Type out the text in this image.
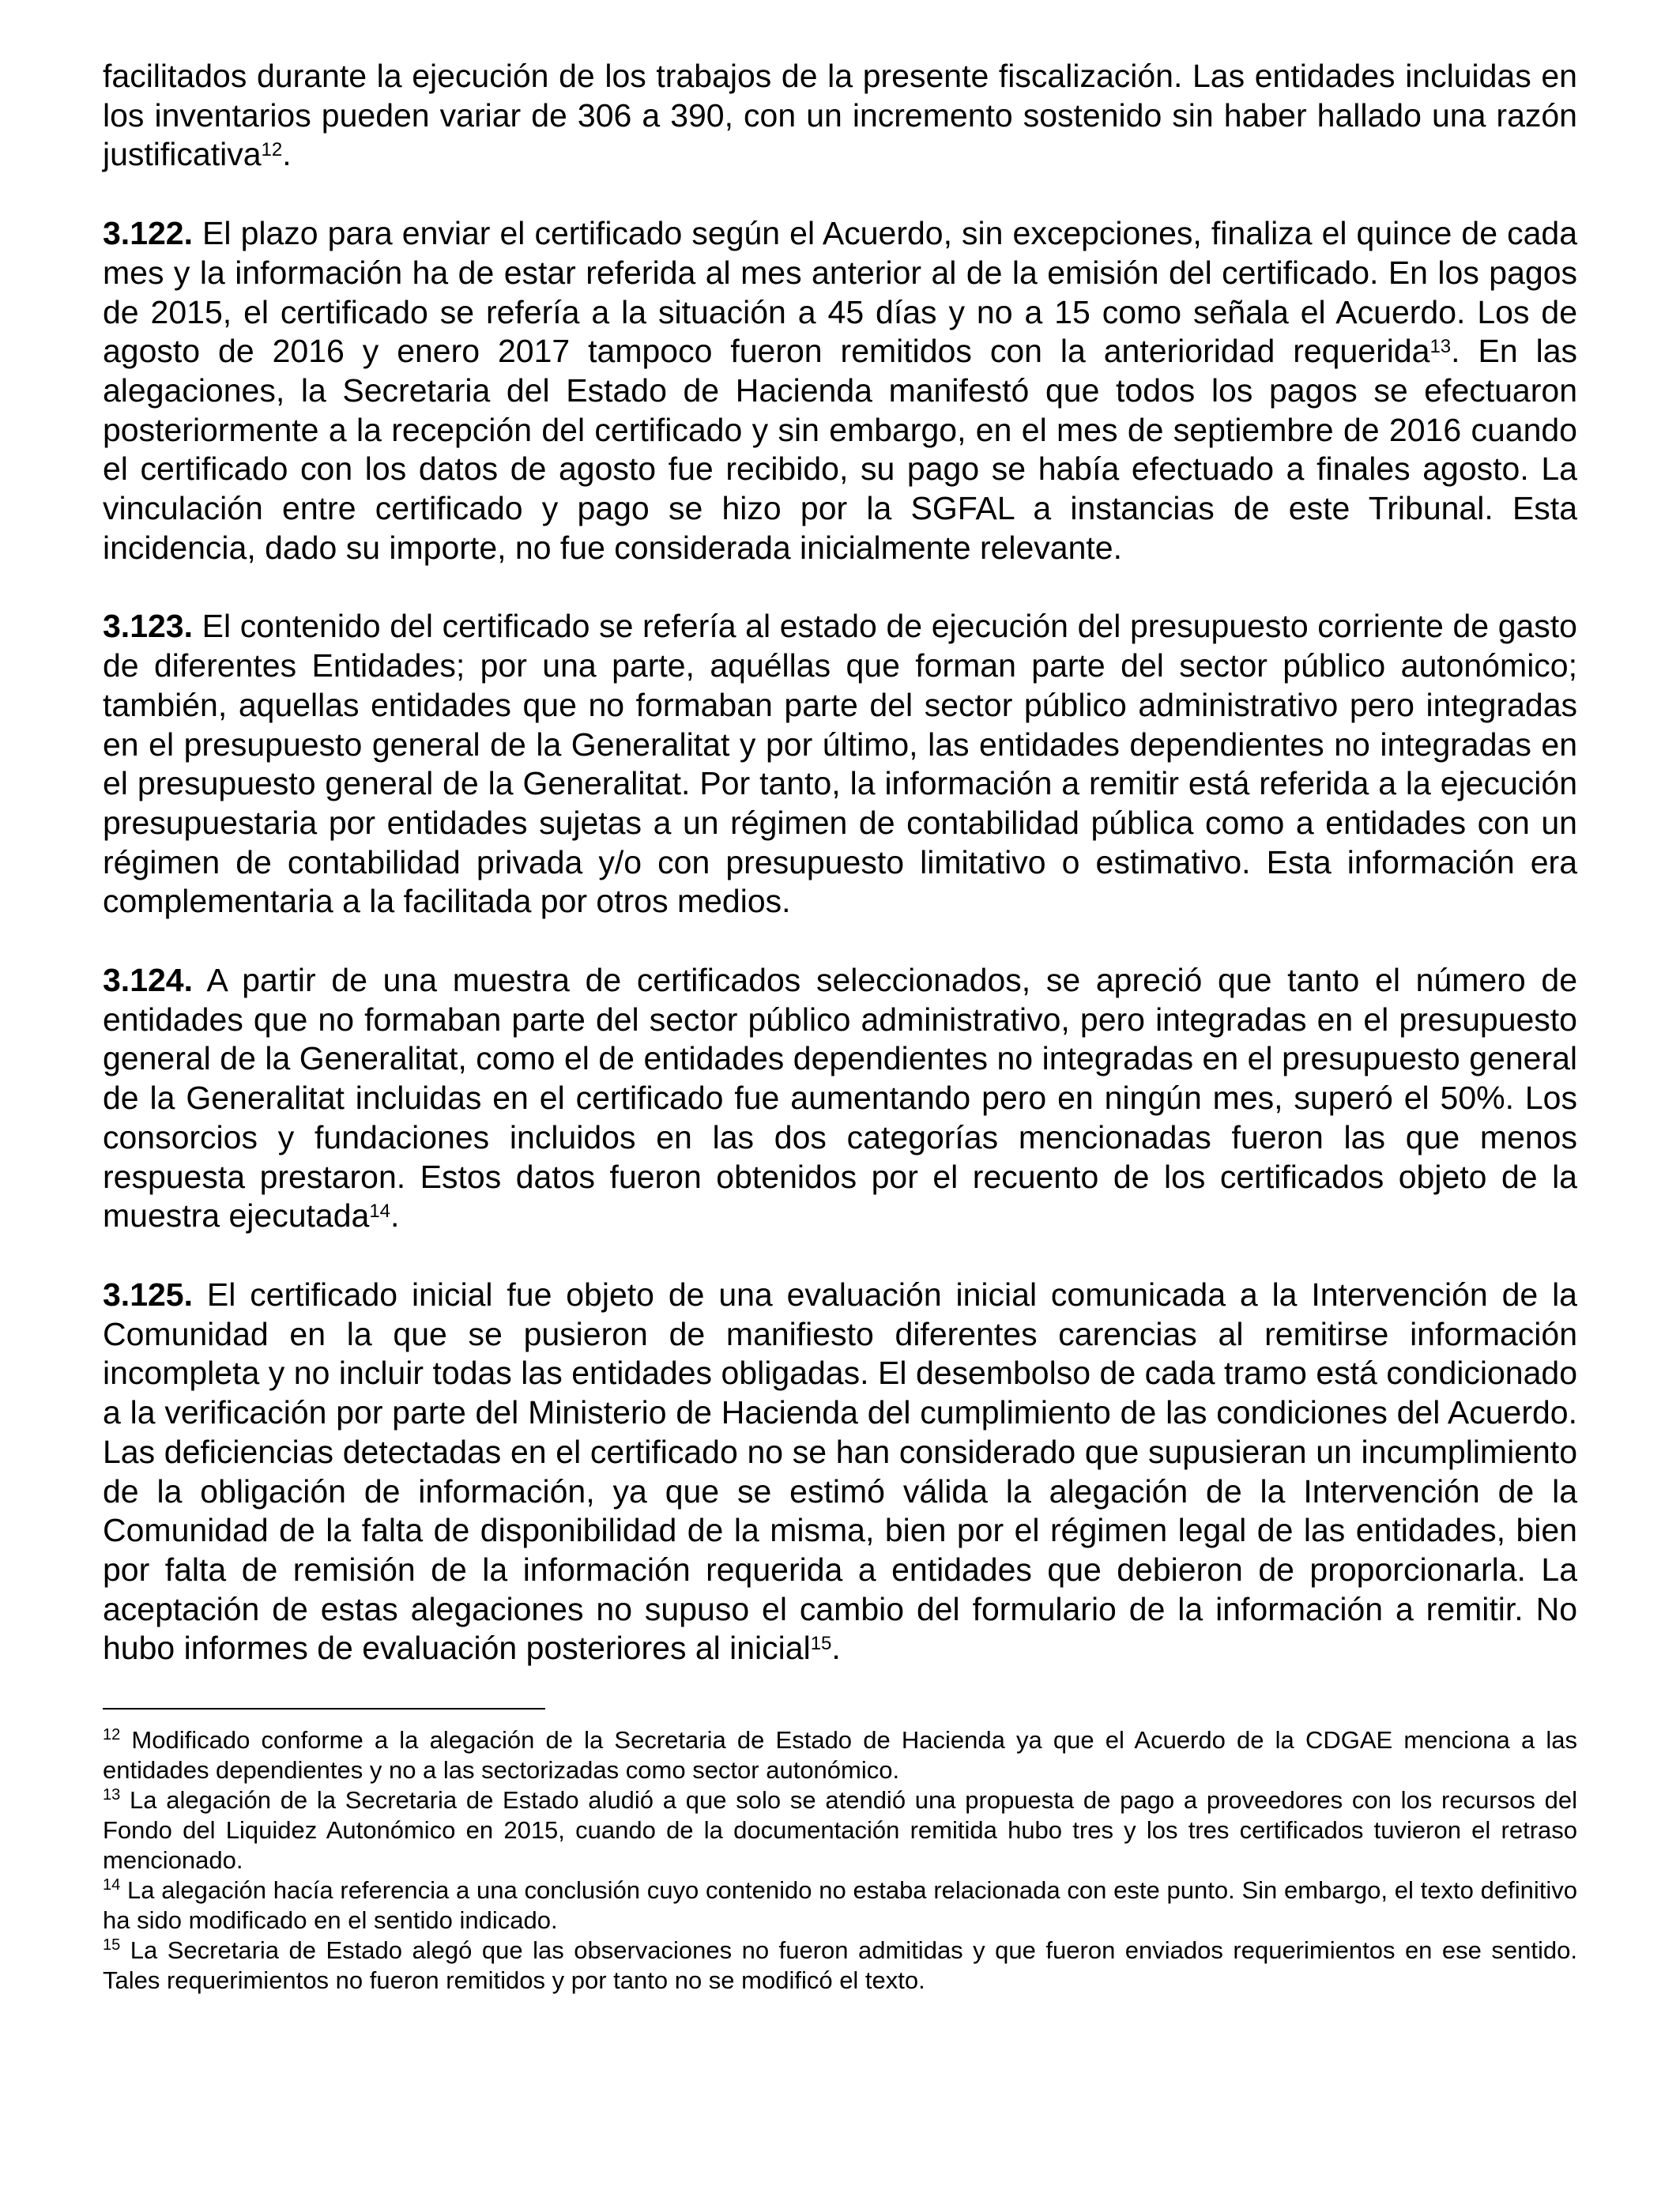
facilitados durante la ejecución de los trabajos de la presente fiscalización. Las entidades incluidas en los inventarios pueden variar de 306 a 390, con un incremento sostenido sin haber hallado una razón justificativa$^{12}$.

3.122. El plazo para enviar el certificado según el Acuerdo, sin excepciones, finaliza el quince de cada mes y la información ha de estar referida al mes anterior al de la emisión del certificado. En los pagos de 2015, el certificado se refería a la situación a 45 días y no a 15 como señala el Acuerdo. Los de agosto de 2016 y enero 2017 tampoco fueron remitidos con la anterioridad requerida$^{13}$. En las alegaciones, la Secretaria del Estado de Hacienda manifestó que todos los pagos se efectuaron posteriormente a la recepción del certificado y sin embargo, en el mes de septiembre de 2016 cuando el certificado con los datos de agosto fue recibido, su pago se había efectuado a finales agosto. La vinculación entre certificado y pago se hizo por la SGFAL a instancias de este Tribunal. Esta incidencia, dado su importe, no fue considerada inicialmente relevante.

3.123. El contenido del certificado se refería al estado de ejecución del presupuesto corriente de gasto de diferentes Entidades; por una parte, aquéllas que forman parte del sector público autonómico; también, aquellas entidades que no formaban parte del sector público administrativo pero integradas en el presupuesto general de la Generalitat y por último, las entidades dependientes no integradas en el presupuesto general de la Generalitat. Por tanto, la información a remitir está referida a la ejecución presupuestaria por entidades sujetas a un régimen de contabilidad pública como a entidades con un régimen de contabilidad privada y/o con presupuesto limitativo o estimativo. Esta información era complementaria a la facilitada por otros medios.

3.124. A partir de una muestra de certificados seleccionados, se apreció que tanto el número de entidades que no formaban parte del sector público administrativo, pero integradas en el presupuesto general de la Generalitat, como el de entidades dependientes no integradas en el presupuesto general de la Generalitat incluidas en el certificado fue aumentando pero en ningún mes, superó el 50%. Los consorcios y fundaciones incluidos en las dos categorías mencionadas fueron las que menos respuesta prestaron. Estos datos fueron obtenidos por el recuento de los certificados objeto de la muestra ejecutada$^{14}$.

3.125. El certificado inicial fue objeto de una evaluación inicial comunicada a la Intervención de la Comunidad en la que se pusieron de manifiesto diferentes carencias al remitirse información incompleta y no incluir todas las entidades obligadas. El desembolso de cada tramo está condicionado a la verificación por parte del Ministerio de Hacienda del cumplimiento de las condiciones del Acuerdo. Las deficiencias detectadas en el certificado no se han considerado que supusieran un incumplimiento de la obligación de información, ya que se estimó válida la alegación de la Intervención de la Comunidad de la falta de disponibilidad de la misma, bien por el régimen legal de las entidades, bien por falta de remisión de la información requerida a entidades que debieron de proporcionarla. La aceptación de estas alegaciones no supuso el cambio del formulario de la información a remitir. No hubo informes de evaluación posteriores al inicial$^{15}$.

$^{12}$ Modificado conforme a la alegación de la Secretaria de Estado de Hacienda ya que el Acuerdo de la CDGAE menciona a las entidades dependientes y no a las sectorizadas como sector autonómico.

$^{13}$ La alegación de la Secretaria de Estado aludió a que solo se atendió una propuesta de pago a proveedores con los recursos del Fondo del Liquidez Autonómico en 2015, cuando de la documentación remitida hubo tres y los tres certificados tuvieron el retraso mencionado.

$^{14}$ La alegación hacía referencia a una conclusión cuyo contenido no estaba relacionada con este punto. Sin embargo, el texto definitivo ha sido modificado en el sentido indicado.

$^{15}$ La Secretaria de Estado alegó que las observaciones no fueron admitidas y que fueron enviados requerimientos en ese sentido. Tales requerimientos no fueron remitidos y por tanto no se modificó el texto.
